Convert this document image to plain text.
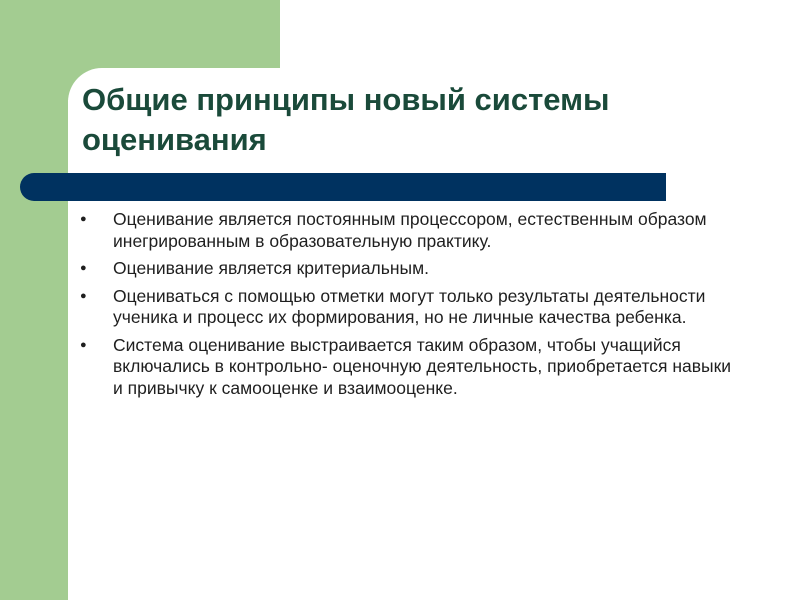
Общие принципы новый системы
оценивания
● Оценивание является постоянным процессором, естественным образом инегрированным в образовательную практику.
● Оценивание является критериальным.
● Оцениваться с помощью отметки могут только результаты деятельности ученика и процесс их формирования, но не личные качества ребенка.
● Система оценивание выстраивается таким образом, чтобы учащийся включались в контрольно- оценочную деятельность, приобретается навыки и привычку к самооценке и взаимооценке.
